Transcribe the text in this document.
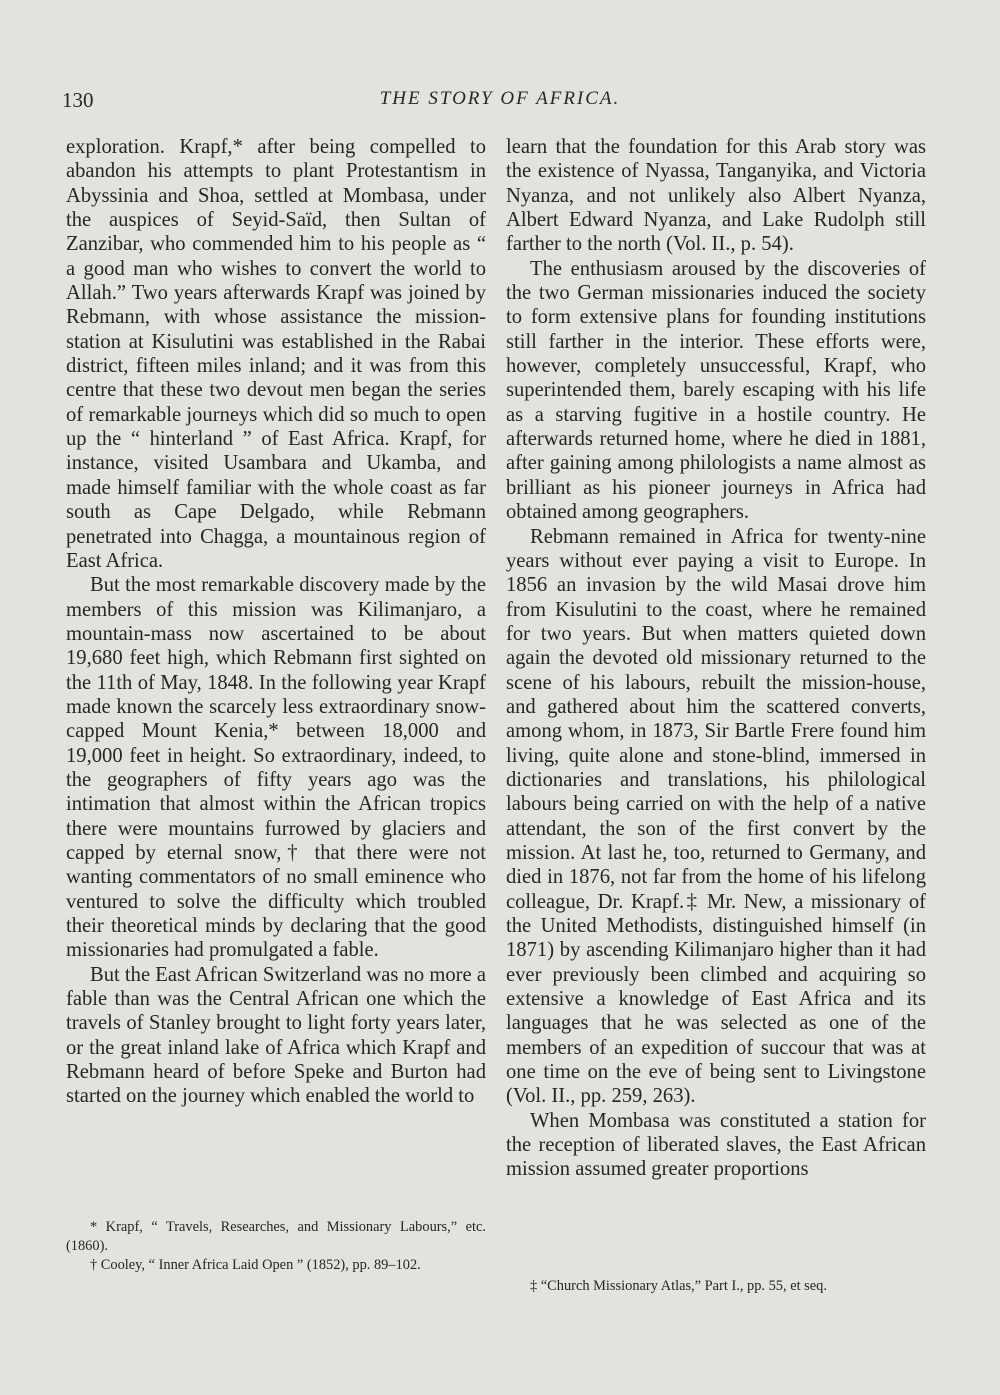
130	THE STORY OF AFRICA.

exploration. Krapf,* after being compelled to abandon his attempts to plant Protestantism in Abyssinia and Shoa, settled at Mombasa, under the auspices of Seyid-Saïd, then Sultan of Zanzibar, who commended him to his people as “ a good man who wishes to convert the world to Allah.” Two years afterwards Krapf was joined by Rebmann, with whose assistance the mission-station at Kisulutini was established in the Rabai district, fifteen miles inland; and it was from this centre that these two devout men began the series of remarkable journeys which did so much to open up the “ hinterland ” of East Africa. Krapf, for instance, visited Usambara and Ukamba, and made himself familiar with the whole coast as far south as Cape Delgado, while Rebmann penetrated into Chagga, a mountainous region of East Africa.

But the most remarkable discovery made by the members of this mission was Kilimanjaro, a mountain-mass now ascertained to be about 19,680 feet high, which Rebmann first sighted on the 11th of May, 1848. In the following year Krapf made known the scarcely less extraordinary snow-capped Mount Kenia,* between 18,000 and 19,000 feet in height. So extraordinary, indeed, to the geographers of fifty years ago was the intimation that almost within the African tropics there were mountains furrowed by glaciers and capped by eternal snow,† that there were not wanting commentators of no small eminence who ventured to solve the difficulty which troubled their theoretical minds by declaring that the good missionaries had promulgated a fable.

But the East African Switzerland was no more a fable than was the Central African one which the travels of Stanley brought to light forty years later, or the great inland lake of Africa which Krapf and Rebmann heard of before Speke and Burton had started on the journey which enabled the world to

learn that the foundation for this Arab story was the existence of Nyassa, Tanganyika, and Victoria Nyanza, and not unlikely also Albert Nyanza, Albert Edward Nyanza, and Lake Rudolph still farther to the north (Vol. II., p. 54).

The enthusiasm aroused by the discoveries of the two German missionaries induced the society to form extensive plans for founding institutions still farther in the interior. These efforts were, however, completely unsuccessful, Krapf, who superintended them, barely escaping with his life as a starving fugitive in a hostile country. He afterwards returned home, where he died in 1881, after gaining among philologists a name almost as brilliant as his pioneer journeys in Africa had obtained among geographers.

Rebmann remained in Africa for twenty-nine years without ever paying a visit to Europe. In 1856 an invasion by the wild Masai drove him from Kisulutini to the coast, where he remained for two years. But when matters quieted down again the devoted old missionary returned to the scene of his labours, rebuilt the mission-house, and gathered about him the scattered converts, among whom, in 1873, Sir Bartle Frere found him living, quite alone and stone-blind, immersed in dictionaries and translations, his philological labours being carried on with the help of a native attendant, the son of the first convert by the mission. At last he, too, returned to Germany, and died in 1876, not far from the home of his lifelong colleague, Dr. Krapf.‡ Mr. New, a missionary of the United Methodists, distinguished himself (in 1871) by ascending Kilimanjaro higher than it had ever previously been climbed and acquiring so extensive a knowledge of East Africa and its languages that he was selected as one of the members of an expedition of succour that was at one time on the eve of being sent to Livingstone (Vol. II., pp. 259, 263).

When Mombasa was constituted a station for the reception of liberated slaves, the East African mission assumed greater proportions

* Krapf, “ Travels, Researches, and Missionary Labours,” etc. (1860).

† Cooley, “ Inner Africa Laid Open ” (1852), pp. 89–102.

‡ “Church Missionary Atlas,” Part I., pp. 55, et seq.
